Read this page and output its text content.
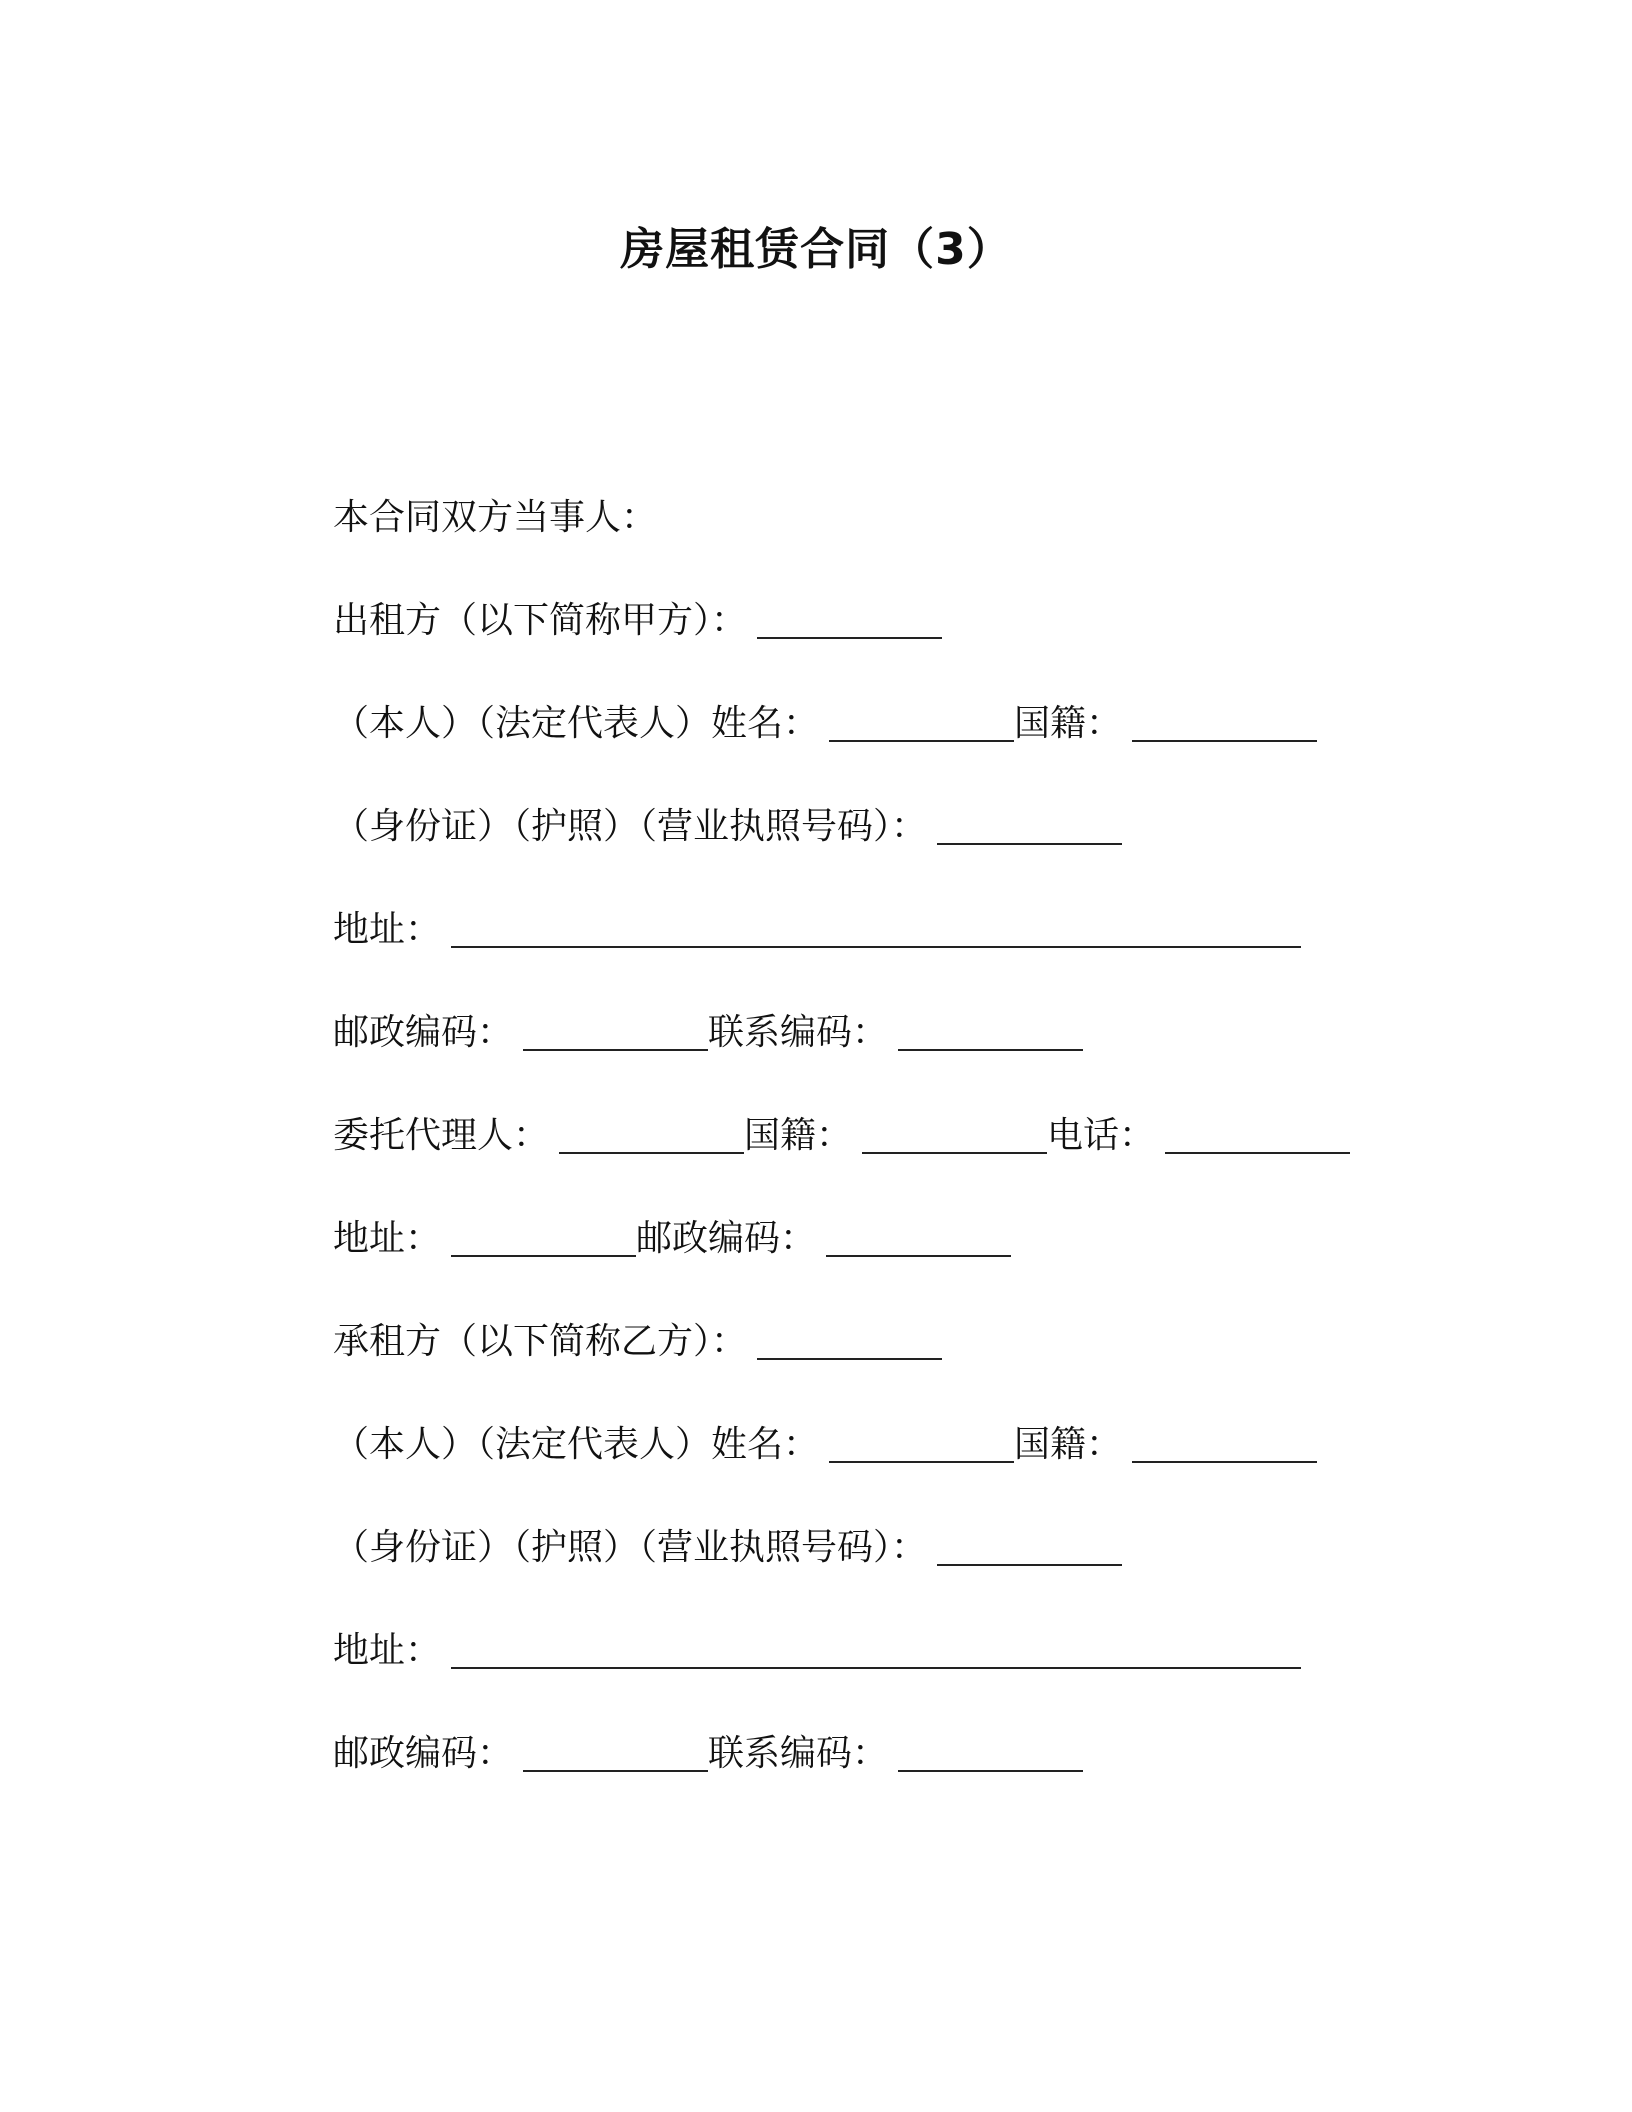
房屋租赁合同（3）
本合同双方当事人：
出租方（以下简称甲方）：
（本人）（法定代表人）姓名：	国籍：
（身份证）（护照）（营业执照号码）：
地址：
邮政编码：	联系编码：
委托代理人：	国籍：	电话：
地址：	邮政编码：
承租方（以下简称乙方）：
（本人）（法定代表人）姓名：	国籍：
（身份证）（护照）（营业执照号码）：
地址：
邮政编码：	联系编码：
